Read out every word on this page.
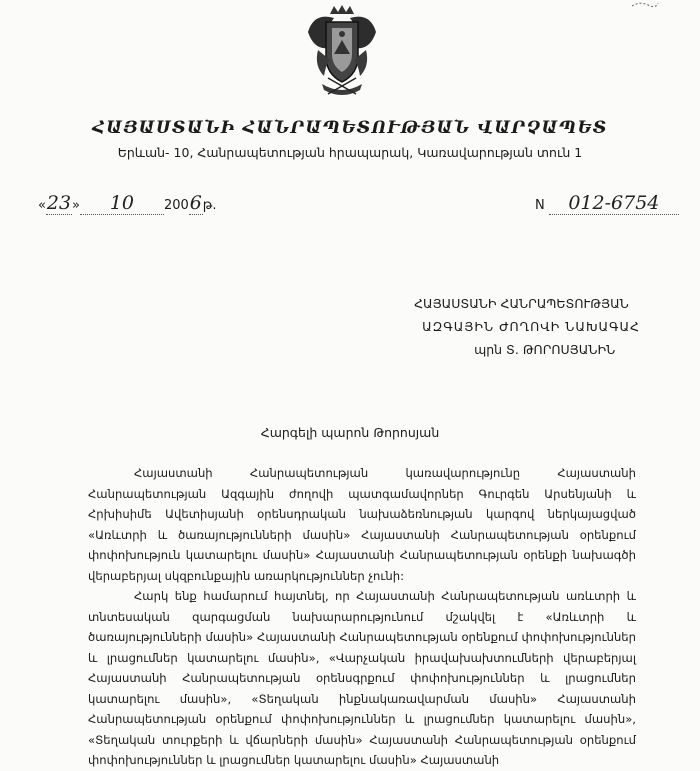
ՀԱՅԱՍՏԱՆԻ ՀԱՆՐԱՊԵՏՈՒԹՅԱՆ ՎԱՐՉԱՊԵՏ
Երևան- 10, Հանրապետության հրապարակ, Կառավարության տուն 1
«23» 10 2006թ.	N 012-6754
ՀԱՅԱՍՏԱՆԻ ՀԱՆՐԱՊԵՏՈՒԹՅԱՆ
ԱԶԳԱՅԻՆ ԺՈՂՈՎԻ ՆԱԽԱԳԱՀ
պրն Տ. ԹՈՐՈՍՅԱՆԻՆ
Հարգելի պարոն Թորոսյան

Հայաստանի Հանրապետության կառավարությունը Հայաստանի Հանրապետության Ազգային ժողովի պատգամավորներ Գուրգեն Արսենյանի և Հրխիսիմե Ավետիսյանի օրենսդրական նախաձեռնության կարգով ներկայացված «Առևտրի և ծառայությունների մասին» Հայաստանի Հանրապետության օրենքում փոփոխություն կատարելու մասին» Հայաստանի Հանրապետության օրենքի նախագծի վերաբերյալ սկզբունքային առարկություններ չունի:

Հարկ ենք համարում հայտնել, որ Հայաստանի Հանրապետության առևտրի և տնտեսական զարգացման նախարարությունում մշակվել է «Առևտրի և ծառայությունների մասին» Հայաստանի Հանրապետության օրենքում փոփոխություններ և լրացումներ կատարելու մասին», «Վարչական իրավախախտումների վերաբերյալ Հայաստանի Հանրապետության օրենսգրքում փոփոխություններ և լրացումներ կատարելու մասին», «Տեղական ինքնակառավարման մասին» Հայաստանի Հանրապետության օրենքում փոփոխություններ և լրացումներ կատարելու մասին», «Տեղական տուրքերի և վճարների մասին» Հայաստանի Հանրապետության օրենքում փոփոխություններ և լրացումներ կատարելու մասին» Հայաստանի
